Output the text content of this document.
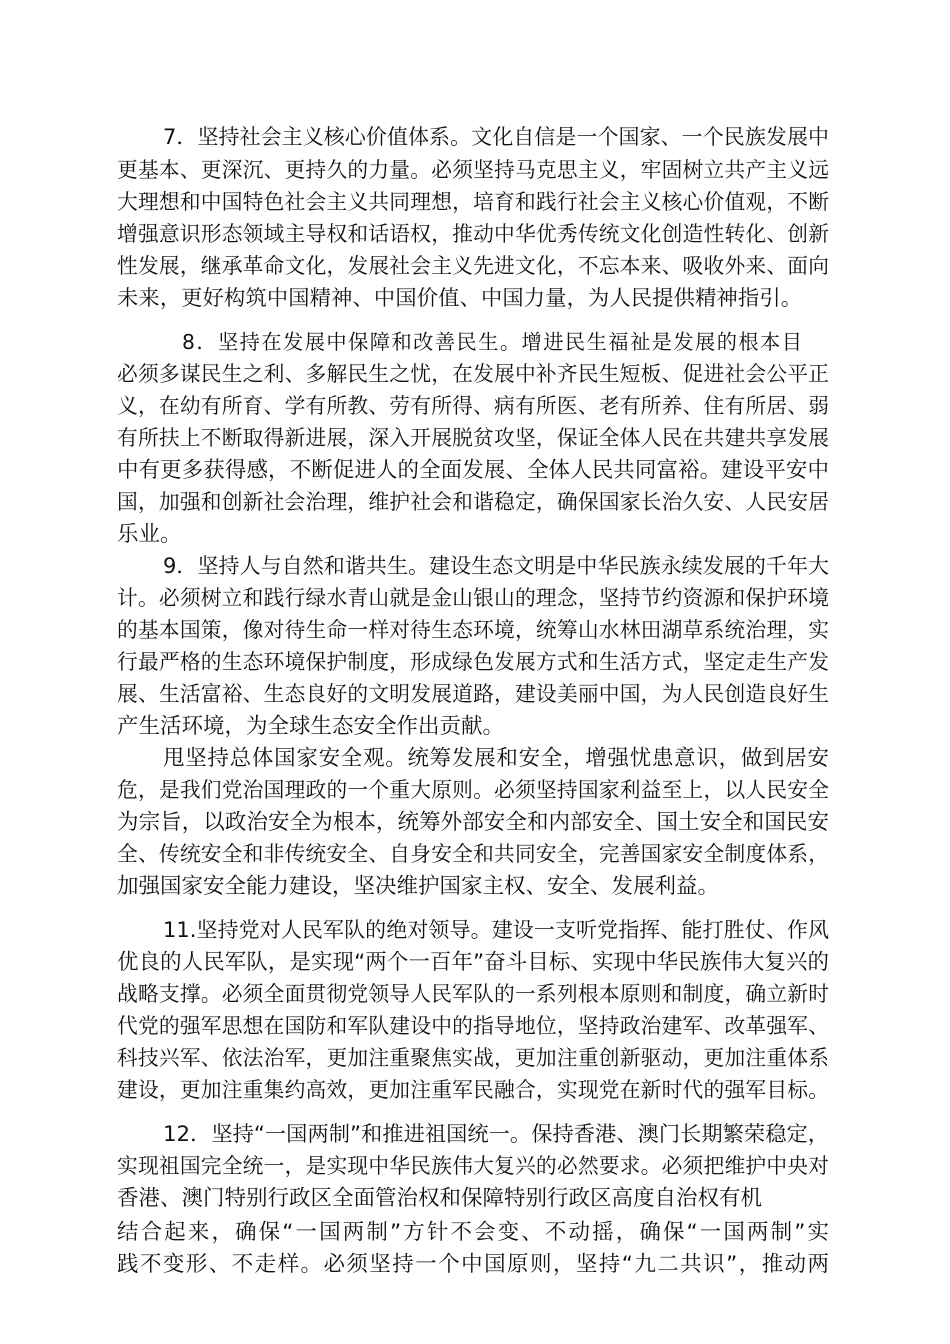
7．坚持社会主义核心价值体系。文化自信是一个国家、一个民族发展中
更基本、更深沉、更持久的力量。必须坚持马克思主义，牢固树立共产主义远
大理想和中国特色社会主义共同理想，培育和践行社会主义核心价值观，不断
增强意识形态领域主导权和话语权，推动中华优秀传统文化创造性转化、创新
性发展，继承革命文化，发展社会主义先进文化，不忘本来、吸收外来、面向
未来，更好构筑中国精神、中国价值、中国力量，为人民提供精神指引。
8．坚持在发展中保障和改善民生。增进民生福祉是发展的根本目
必须多谋民生之利、多解民生之忧，在发展中补齐民生短板、促进社会公平正
义，在幼有所育、学有所教、劳有所得、病有所医、老有所养、住有所居、弱
有所扶上不断取得新进展，深入开展脱贫攻坚，保证全体人民在共建共享发展
中有更多获得感，不断促进人的全面发展、全体人民共同富裕。建设平安中
国，加强和创新社会治理，维护社会和谐稳定，确保国家长治久安、人民安居
乐业。
9．坚持人与自然和谐共生。建设生态文明是中华民族永续发展的千年大
计。必须树立和践行绿水青山就是金山银山的理念，坚持节约资源和保护环境
的基本国策，像对待生命一样对待生态环境，统筹山水林田湖草系统治理，实
行最严格的生态环境保护制度，形成绿色发展方式和生活方式，坚定走生产发
展、生活富裕、生态良好的文明发展道路，建设美丽中国，为人民创造良好生
产生活环境，为全球生态安全作出贡献。
甩坚持总体国家安全观。统筹发展和安全，增强忧患意识，做到居安
危，是我们党治国理政的一个重大原则。必须坚持国家利益至上，以人民安全
为宗旨，以政治安全为根本，统筹外部安全和内部安全、国土安全和国民安
全、传统安全和非传统安全、自身安全和共同安全，完善国家安全制度体系，
加强国家安全能力建设，坚决维护国家主权、安全、发展利益。
11.坚持党对人民军队的绝对领导。建设一支听党指挥、能打胜仗、作风
优良的人民军队，是实现“两个一百年”奋斗目标、实现中华民族伟大复兴的
战略支撑。必须全面贯彻党领导人民军队的一系列根本原则和制度，确立新时
代党的强军思想在国防和军队建设中的指导地位，坚持政治建军、改革强军、
科技兴军、依法治军，更加注重聚焦实战，更加注重创新驱动，更加注重体系
建设，更加注重集约高效，更加注重军民融合，实现党在新时代的强军目标。
12．坚持“一国两制”和推进祖国统一。保持香港、澳门长期繁荣稳定，
实现祖国完全统一，是实现中华民族伟大复兴的必然要求。必须把维护中央对
香港、澳门特别行政区全面管治权和保障特别行政区高度自治权有机
结合起来，确保“一国两制”方针不会变、不动摇，确保“一国两制”实
践不变形、不走样。必须坚持一个中国原则，坚持“九二共识”，推动两
